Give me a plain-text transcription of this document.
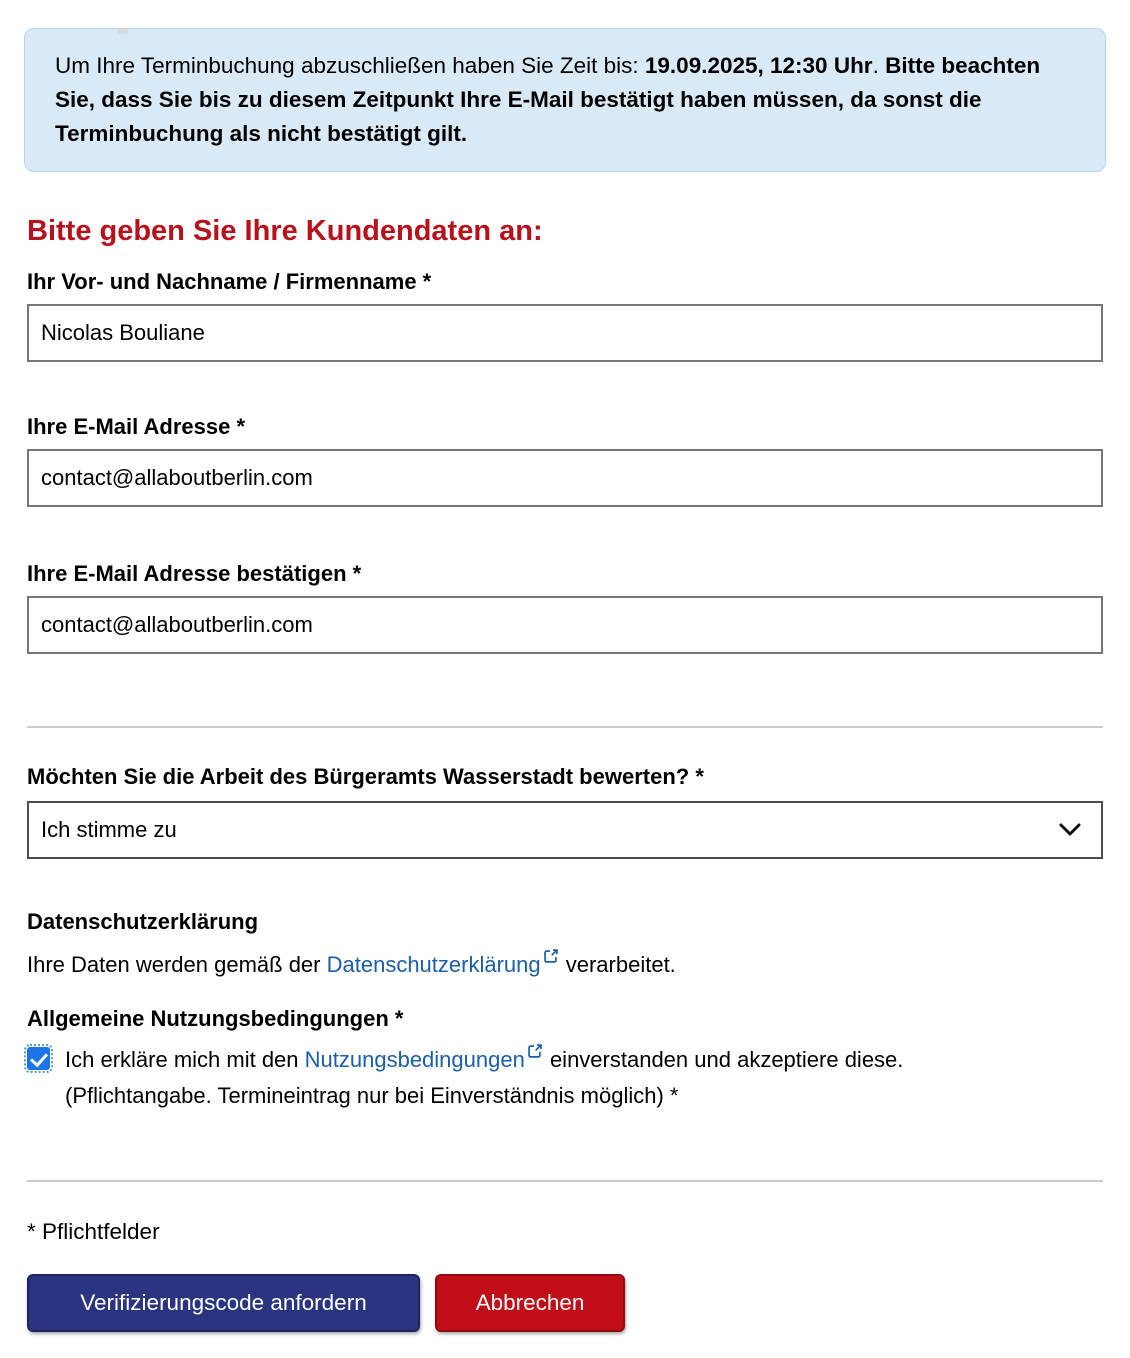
Um Ihre Terminbuchung abzuschließen haben Sie Zeit bis: 19.09.2025, 12:30 Uhr. Bitte beachten Sie, dass Sie bis zu diesem Zeitpunkt Ihre E-Mail bestätigt haben müssen, da sonst die Terminbuchung als nicht bestätigt gilt.
Bitte geben Sie Ihre Kundendaten an:
Ihr Vor- und Nachname / Firmenname *
Nicolas Bouliane
Ihre E-Mail Adresse *
contact@allaboutberlin.com
Ihre E-Mail Adresse bestätigen *
contact@allaboutberlin.com
Möchten Sie die Arbeit des Bürgeramts Wasserstadt bewerten? *
Ich stimme zu
Datenschutzerklärung
Ihre Daten werden gemäß der Datenschutzerklärung verarbeitet.
Allgemeine Nutzungsbedingungen *
Ich erkläre mich mit den Nutzungsbedingungen einverstanden und akzeptiere diese.
(Pflichtangabe. Termineintrag nur bei Einverständnis möglich) *
* Pflichtfelder
Verifizierungscode anfordern	Abbrechen
